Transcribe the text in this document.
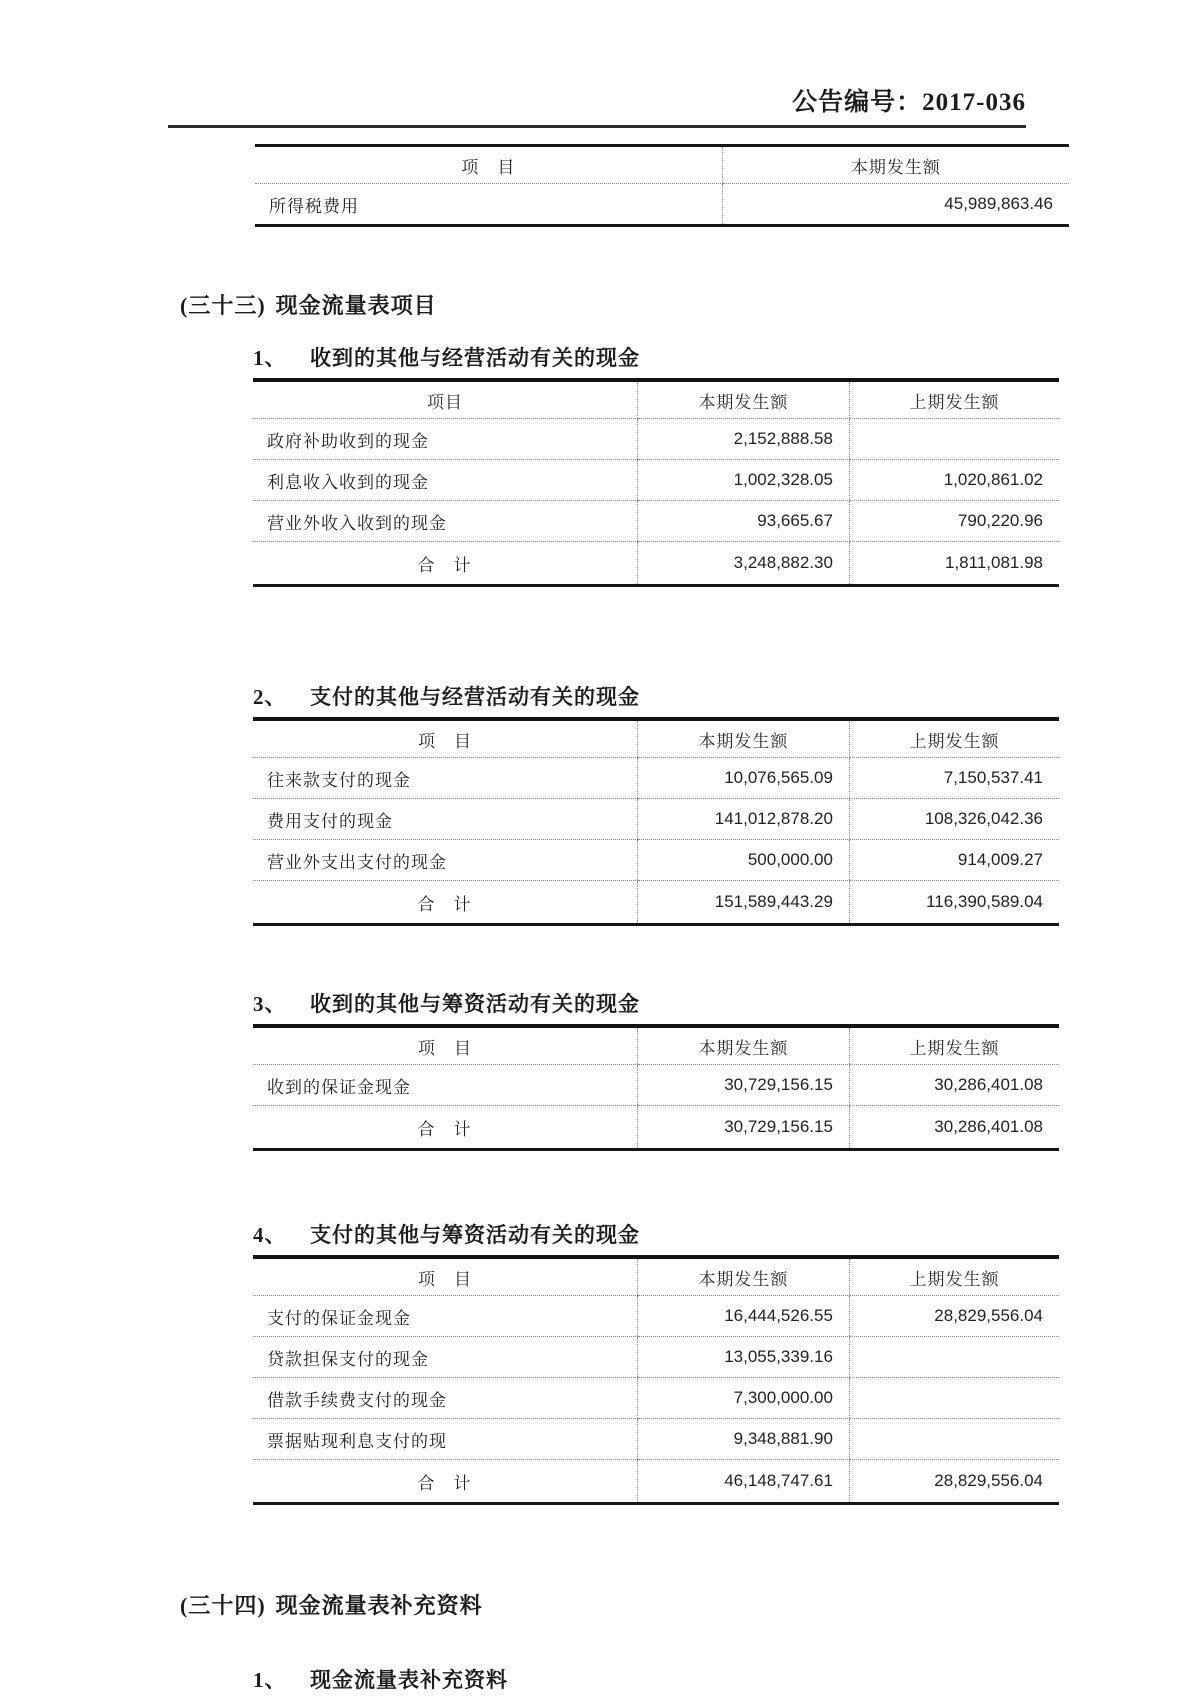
公告编号：2017-036
项　目	本期发生额
所得税费用	45,989,863.46
(三十三) 现金流量表项目
1、 收到的其他与经营活动有关的现金
项目	本期发生额	上期发生额
政府补助收到的现金	2,152,888.58	
利息收入收到的现金	1,002,328.05	1,020,861.02
营业外收入收到的现金	93,665.67	790,220.96
合　计	3,248,882.30	1,811,081.98
2、 支付的其他与经营活动有关的现金
项　目	本期发生额	上期发生额
往来款支付的现金	10,076,565.09	7,150,537.41
费用支付的现金	141,012,878.20	108,326,042.36
营业外支出支付的现金	500,000.00	914,009.27
合　计	151,589,443.29	116,390,589.04
3、 收到的其他与筹资活动有关的现金
项　目	本期发生额	上期发生额
收到的保证金现金	30,729,156.15	30,286,401.08
合　计	30,729,156.15	30,286,401.08
4、 支付的其他与筹资活动有关的现金
项　目	本期发生额	上期发生额
支付的保证金现金	16,444,526.55	28,829,556.04
贷款担保支付的现金	13,055,339.16	
借款手续费支付的现金	7,300,000.00	
票据贴现利息支付的现	9,348,881.90	
合　计	46,148,747.61	28,829,556.04
(三十四) 现金流量表补充资料
1、 现金流量表补充资料
